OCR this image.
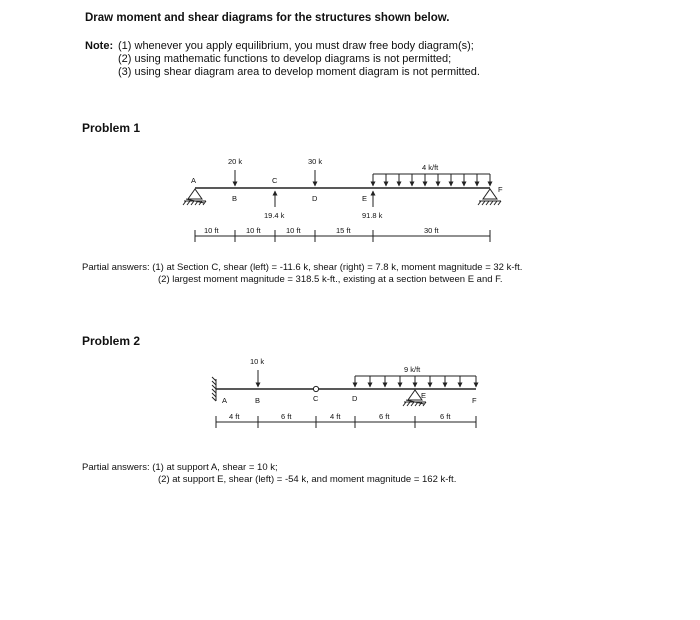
Draw moment and shear diagrams for the structures shown below.
Note: (1) whenever you apply equilibrium, you must draw free body diagram(s);
(2) using mathematic functions to develop diagrams is not permitted;
(3) using shear diagram area to develop moment diagram is not permitted.
Problem 1
20 k
19.4 k
30 k
91.8 k
4 k/ft
A
B
C
D	E
F
10 ft	10 ft	10 ft	15 ft	30 ft
10 k
9 k/ft
A	B	C	D	E
F
4 ft	6 ft	4 ft	6 ft	6 ft
Partial answers: (1) at Section C, shear (left) = -11.6 k, shear (right) = 7.8 k, moment magnitude = 32 k-ft.
(2) largest moment magnitude = 318.5 k-ft., existing at a section between E and F.
Problem 2
Partial answers: (1) at support A, shear = 10 k;
(2) at support E, shear (left) = -54 k, and moment magnitude = 162 k-ft.
